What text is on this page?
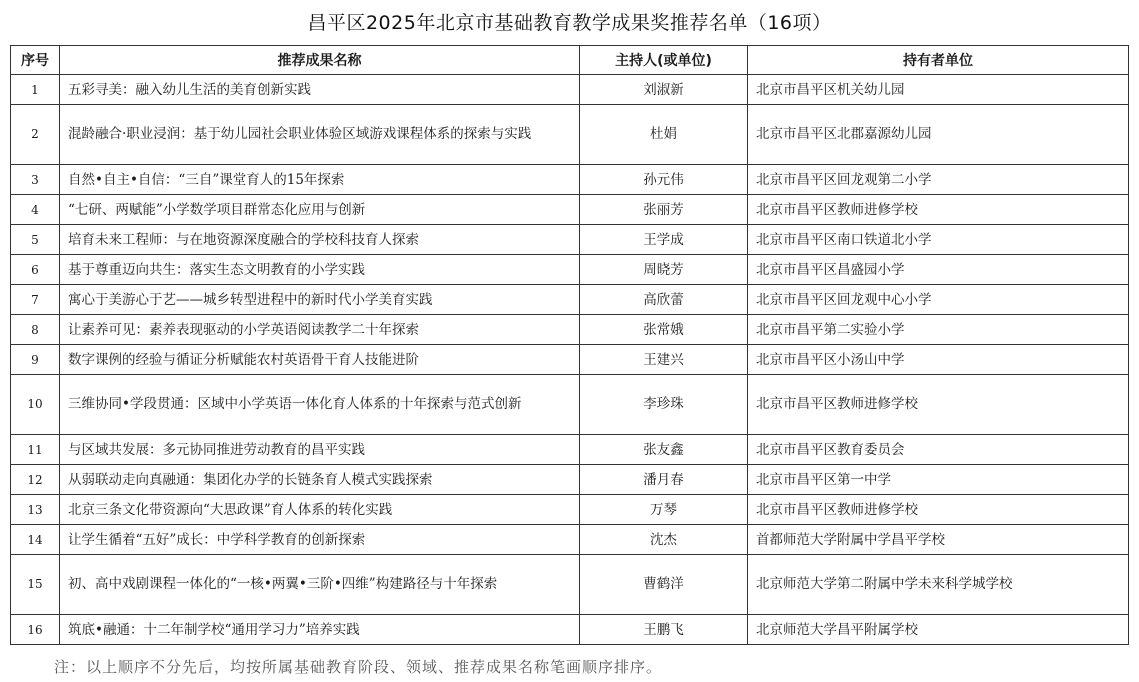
昌平区2025年北京市基础教育教学成果奖推荐名单（16项）
序号	推荐成果名称	主持人(或单位)	持有者单位
1	五彩寻美：融入幼儿生活的美育创新实践	刘淑新	北京市昌平区机关幼儿园
2	混龄融合·职业浸润：基于幼儿园社会职业体验区域游戏课程体系的探索与实践	杜娟	北京市昌平区北郡嘉源幼儿园
3	自然•自主•自信：“三自”课堂育人的15年探索	孙元伟	北京市昌平区回龙观第二小学
4	“七研、两赋能”小学数学项目群常态化应用与创新	张丽芳	北京市昌平区教师进修学校
5	培育未来工程师：与在地资源深度融合的学校科技育人探索	王学成	北京市昌平区南口铁道北小学
6	基于尊重迈向共生：落实生态文明教育的小学实践	周晓芳	北京市昌平区昌盛园小学
7	寓心于美游心于艺——城乡转型进程中的新时代小学美育实践	高欣蕾	北京市昌平区回龙观中心小学
8	让素养可见：素养表现驱动的小学英语阅读教学二十年探索	张常娥	北京市昌平第二实验小学
9	数字课例的经验与循证分析赋能农村英语骨干育人技能进阶	王建兴	北京市昌平区小汤山中学
10	三维协同•学段贯通：区域中小学英语一体化育人体系的十年探索与范式创新	李珍珠	北京市昌平区教师进修学校
11	与区域共发展：多元协同推进劳动教育的昌平实践	张友鑫	北京市昌平区教育委员会
12	从弱联动走向真融通：集团化办学的长链条育人模式实践探索	潘月春	北京市昌平区第一中学
13	北京三条文化带资源向“大思政课”育人体系的转化实践	万琴	北京市昌平区教师进修学校
14	让学生循着“五好”成长：中学科学教育的创新探索	沈杰	首都师范大学附属中学昌平学校
15	初、高中戏剧课程一体化的“一核•两翼•三阶•四维”构建路径与十年探索	曹鹤洋	北京师范大学第二附属中学未来科学城学校
16	筑底•融通：十二年制学校“通用学习力”培养实践	王鹏飞	北京师范大学昌平附属学校
注：以上顺序不分先后，均按所属基础教育阶段、领域、推荐成果名称笔画顺序排序。
